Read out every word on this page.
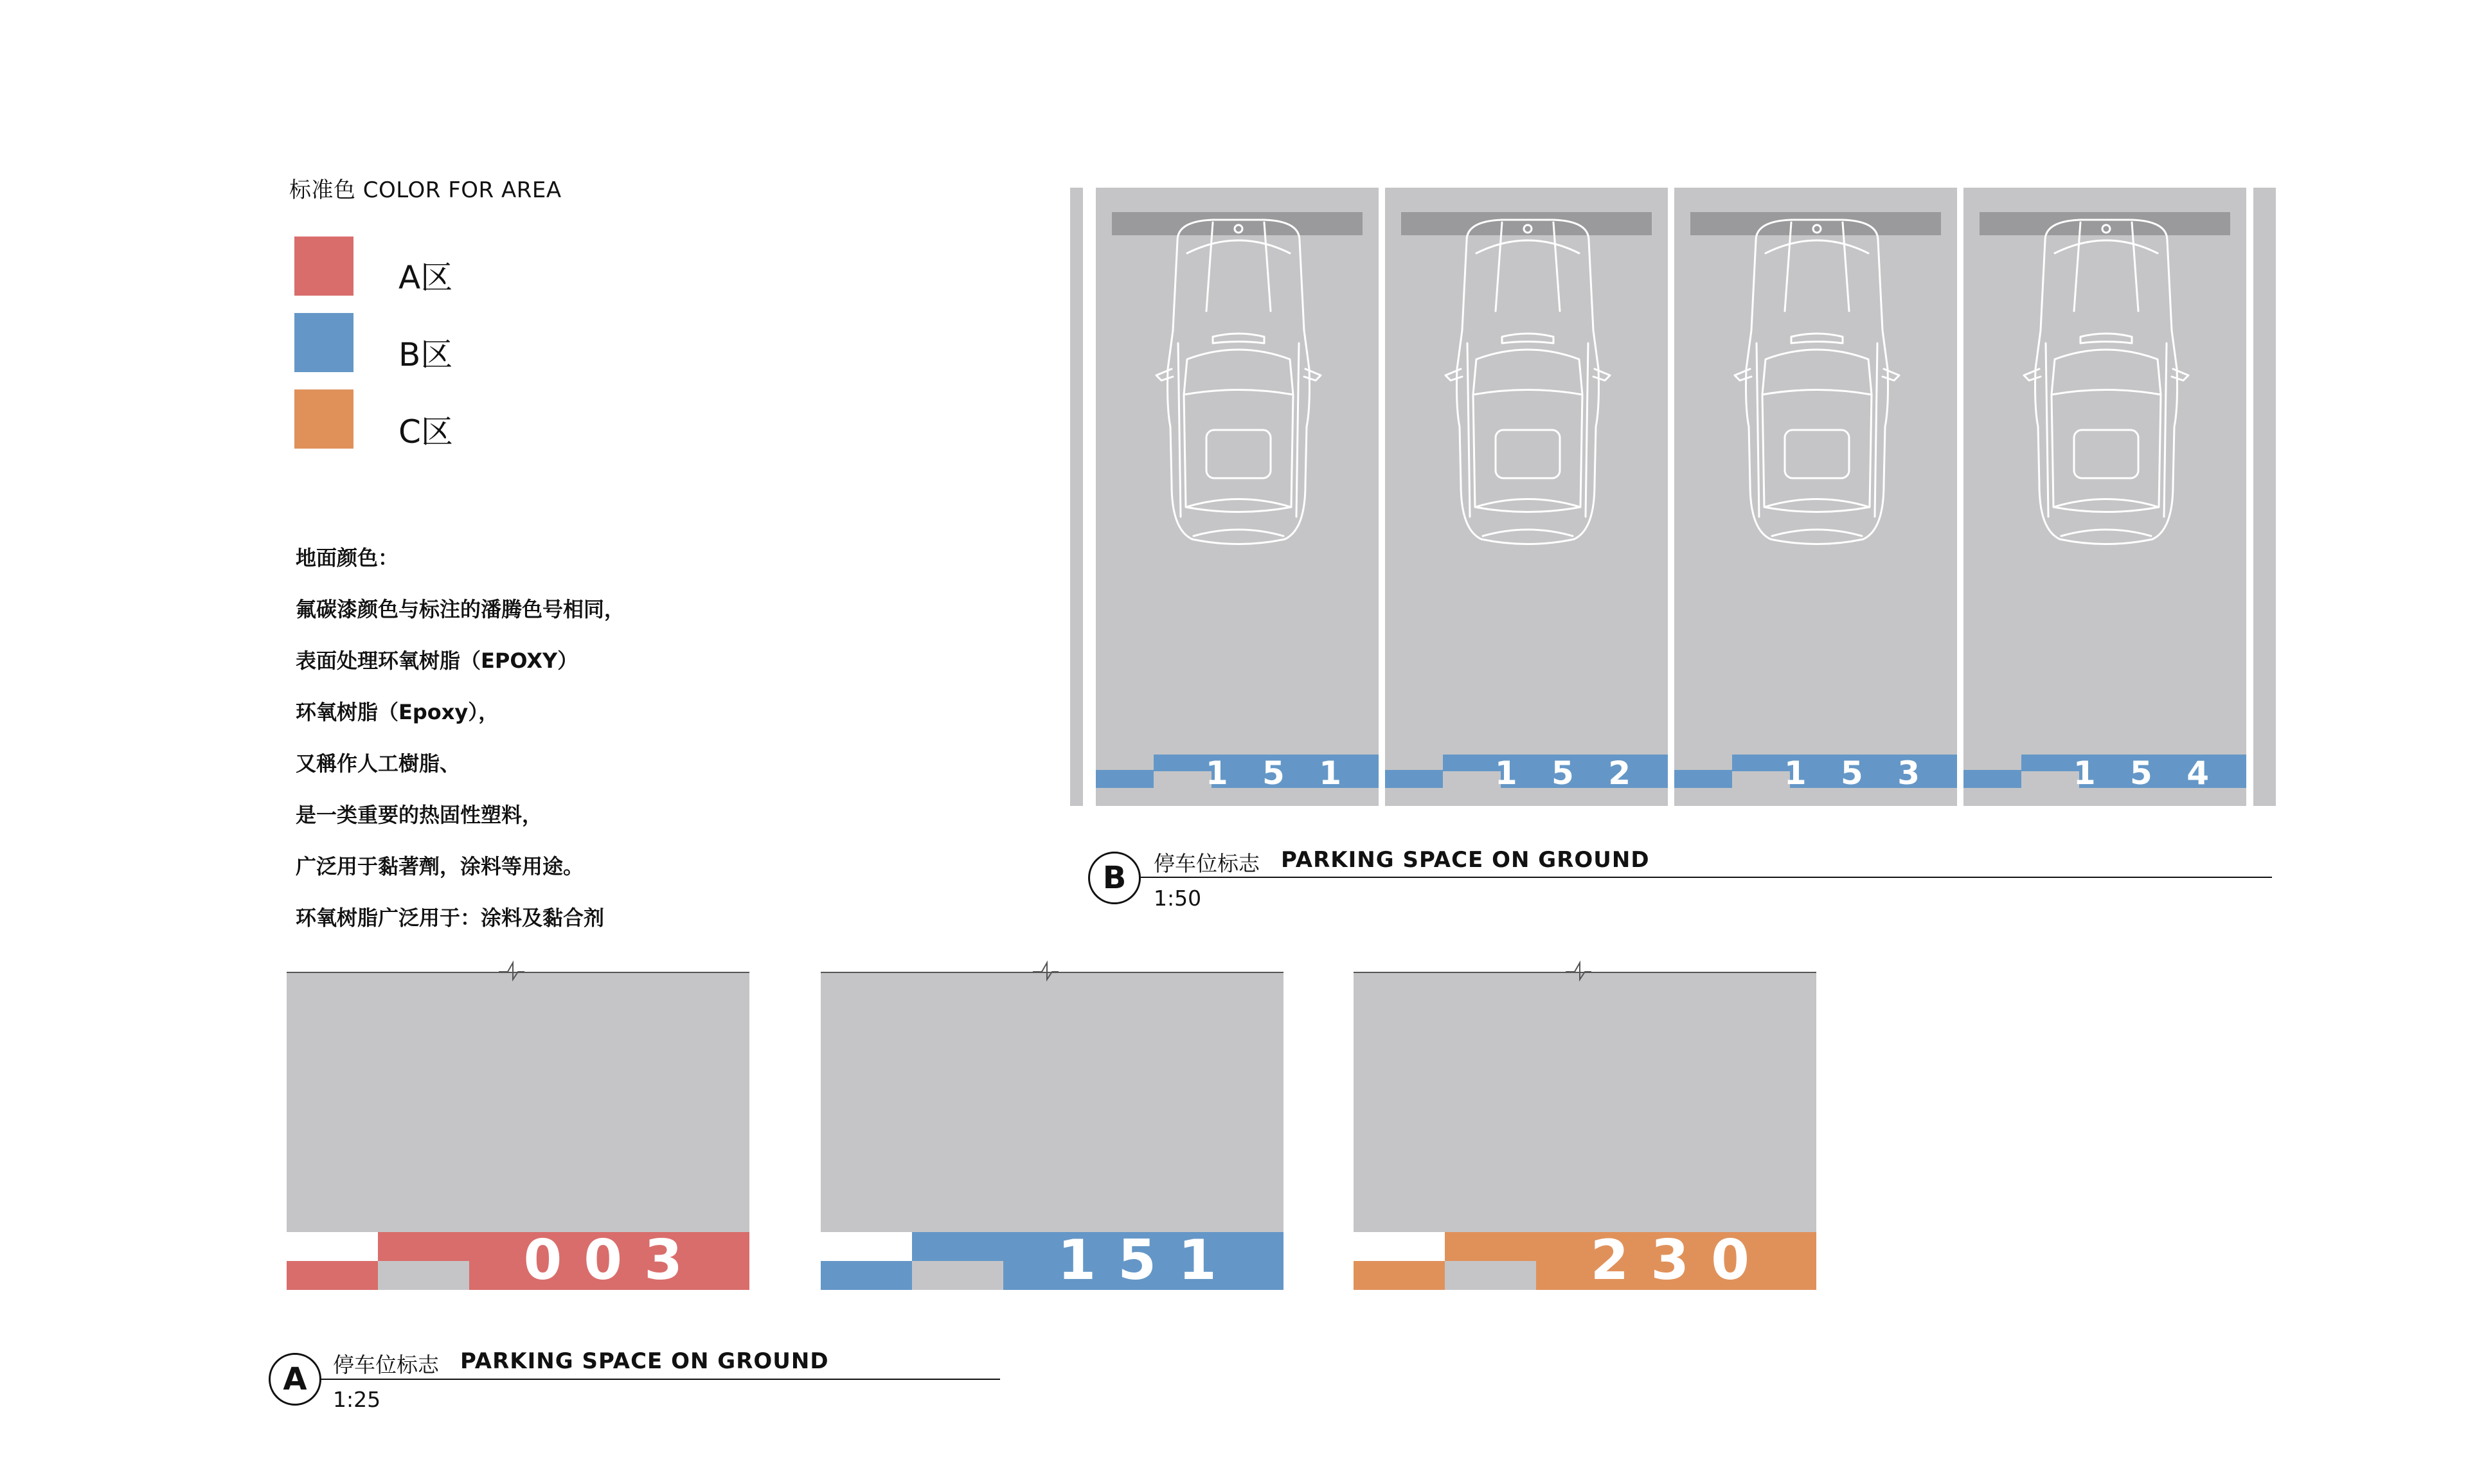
标准色 COLOR FOR AREA
A区
B区
C区

地面颜色：

氟碳漆颜色与标注的潘腾色号相同，

表面处理环氧树脂（EPOXY）

环氧树脂（Epoxy），

又稱作人工樹脂、

是一类重要的热固性塑料，

广泛用于黏著劑，涂料等用途。

环氧树脂广泛用于：涂料及黏合剂

1 5 1	1 5 2	1 5 3	1 5 4
B	停车位标志 PARKING SPACE ON GROUND
1:50
003	151	230
A	停车位标志 PARKING SPACE ON GROUND
1:25
